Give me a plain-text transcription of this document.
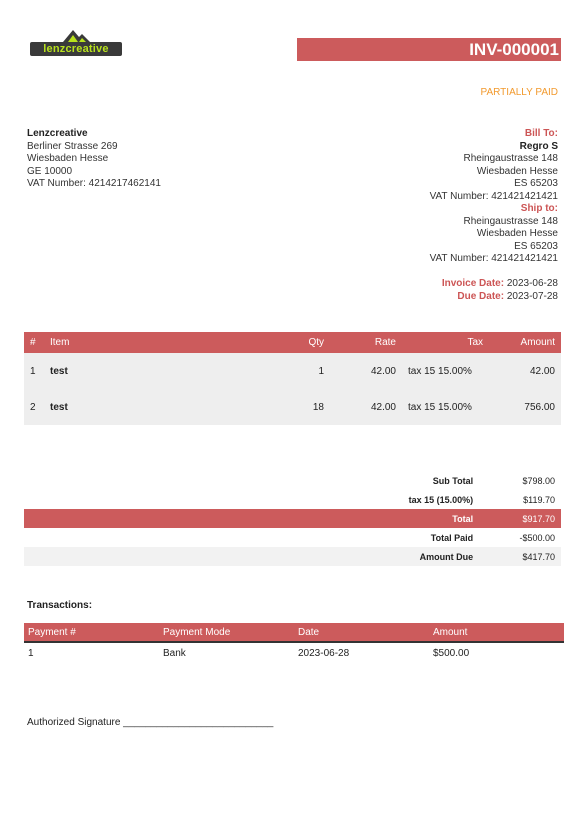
lenzcreative	INV-000001
PARTIALLY PAID
Lenzcreative
Berliner Strasse 269
Wiesbaden Hesse
GE 10000
VAT Number: 4214217462141
Bill To:
Regro S
Rheingaustrasse 148
Wiesbaden Hesse
ES 65203
VAT Number: 421421421421
Ship to:
Rheingaustrasse 148
Wiesbaden Hesse
ES 65203
VAT Number: 421421421421
Invoice Date: 2023-06-28
Due Date: 2023-07-28
#	Item	Qty	Rate	Tax	Amount
1	test	1	42.00	tax 15 15.00%	42.00
2	test	18	42.00	tax 15 15.00%	756.00
Sub Total	$798.00
tax 15 (15.00%)	$119.70
Total	$917.70
Total Paid	-$500.00
Amount Due	$417.70
Transactions:
Payment #	Payment Mode	Date	Amount
1	Bank	2023-06-28	$500.00
Authorized Signature ___________________________
